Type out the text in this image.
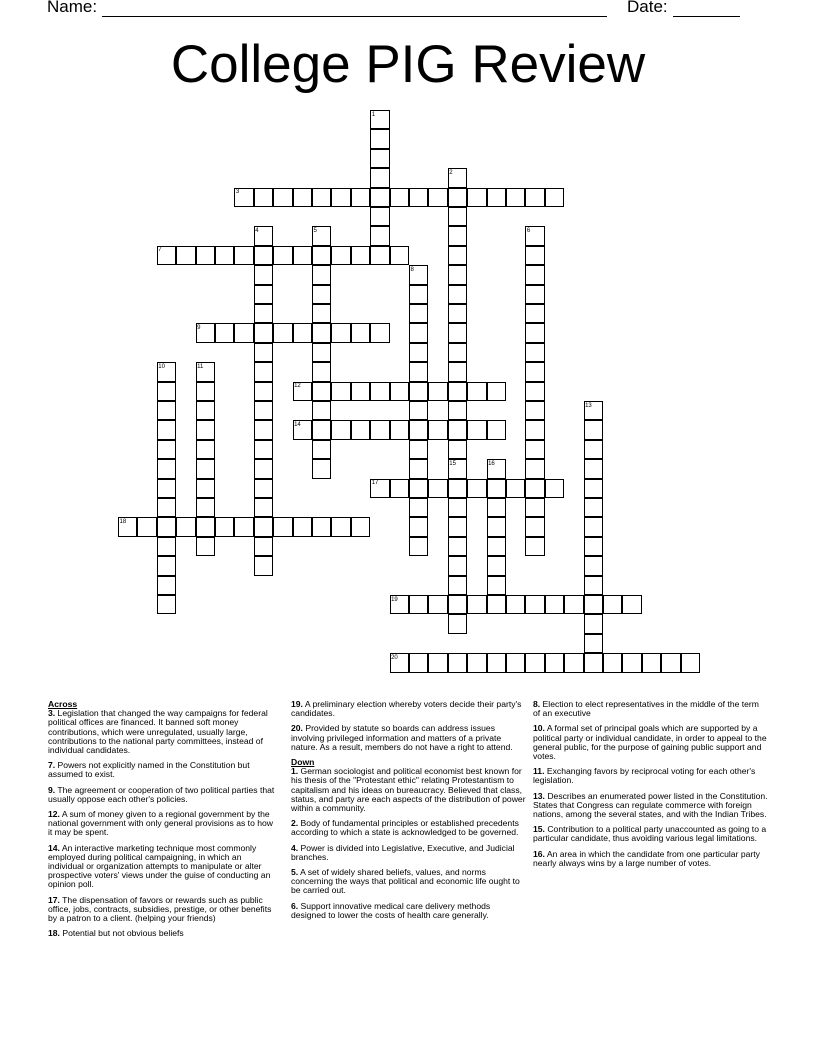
Name:	Date:
College PIG Review
1
2
3
4	5	6
7
8
9
10	11
12
13
14
15	16
17
18
19
20
Across
3. Legislation that changed the way campaigns for federal political offices are financed. It banned soft money contributions, which were unregulated, usually large, contributions to the national party committees, instead of individual candidates.
7. Powers not explicitly named in the Constitution but assumed to exist.
9. The agreement or cooperation of two political parties that usually oppose each other's policies.
12. A sum of money given to a regional government by the national government with only general provisions as to how it may be spent.
14. An interactive marketing technique most commonly employed during political campaigning, in which an individual or organization attempts to manipulate or alter prospective voters' views under the guise of conducting an opinion poll.
17. The dispensation of favors or rewards such as public office, jobs, contracts, subsidies, prestige, or other benefits by a patron to a client. (helping your friends)
18. Potential but not obvious beliefs
19. A preliminary election whereby voters decide their party's candidates.
20. Provided by statute so boards can address issues involving privileged information and matters of a private nature. As a result, members do not have a right to attend.
Down
1. German sociologist and political economist best known for his thesis of the "Protestant ethic" relating Protestantism to capitalism and his ideas on bureaucracy. Believed that class, status, and party are each aspects of the distribution of power within a community.
2. Body of fundamental principles or established precedents according to which a state is acknowledged to be governed.
4. Power is divided into Legislative, Executive, and Judicial branches.
5. A set of widely shared beliefs, values, and norms concerning the ways that political and economic life ought to be carried out.
6. Support innovative medical care delivery methods designed to lower the costs of health care generally.
8. Election to elect representatives in the middle of the term of an executive
10. A formal set of principal goals which are supported by a political party or individual candidate, in order to appeal to the general public, for the purpose of gaining public support and votes.
11. Exchanging favors by reciprocal voting for each other's legislation.
13. Describes an enumerated power listed in the Constitution. States that Congress can regulate commerce with foreign nations, among the several states, and with the Indian Tribes.
15. Contribution to a political party unaccounted as going to a particular candidate, thus avoiding various legal limitations.
16. An area in which the candidate from one particular party nearly always wins by a large number of votes.
